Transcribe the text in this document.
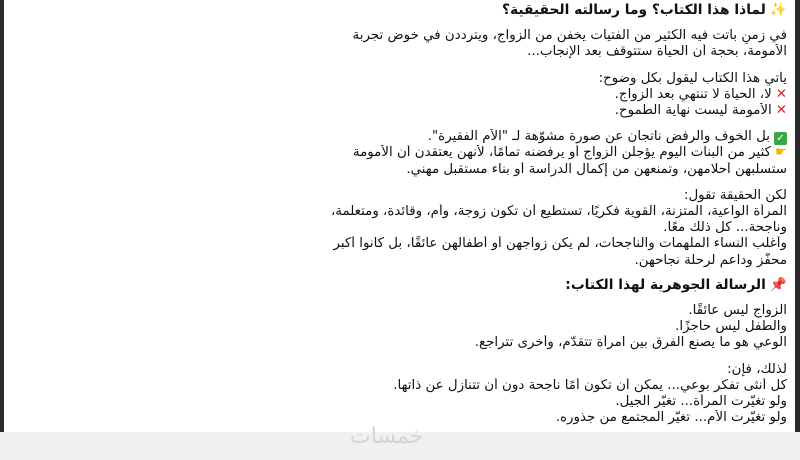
✨لماذا هذا الكتاب؟ وما رسالته الحقيقية؟
في زمنٍ باتت فيه الكثير من الفتيات يخفن من الزواج، ويترددن في خوض تجربة
الأمومة، بحجة أن الحياة ستتوقف بعد الإنجاب...
يأتي هذا الكتاب ليقول بكل وضوح:
✕لا، الحياة لا تنتهي بعد الزواج.
✕الأمومة ليست نهاية الطموح.
✓بل الخوف والرفض ناتجان عن صورة مشوّهة لـ "الأم الفقيرة".
☛كثير من البنات اليوم يؤجلن الزواج أو يرفضنه تمامًا، لأنهن يعتقدن أن الأمومة
ستسلبهن أحلامهن، وتمنعهن من إكمال الدراسة أو بناء مستقبل مهني.
لكن الحقيقة تقول:
المرأة الواعية، المتزنة، القوية فكريًا، تستطيع أن تكون زوجة، وأم، وقائدة، ومتعلمة،
وناجحة... كل ذلك معًا.
وأغلب النساء الملهمات والناجحات، لم يكن زواجهن أو أطفالهن عائقًا، بل كانوا أكبر
محفّز وداعم لرحلة نجاحهن.
📌الرسالة الجوهرية لهذا الكتاب:
الزواج ليس عائقًا.
والطفل ليس حاجزًا.
الوعي هو ما يصنع الفرق بين امرأة تتقدّم، وأخرى تتراجع.
لذلك، فإن:
كل أنثى تفكّر بوعي... يمكن أن تكون أمًا ناجحة دون أن تتنازل عن ذاتها.
ولو تغيّرت المرأة... تغيّر الجيل.
ولو تغيّرت الأم... تغيّر المجتمع من جذوره.
خمسات
